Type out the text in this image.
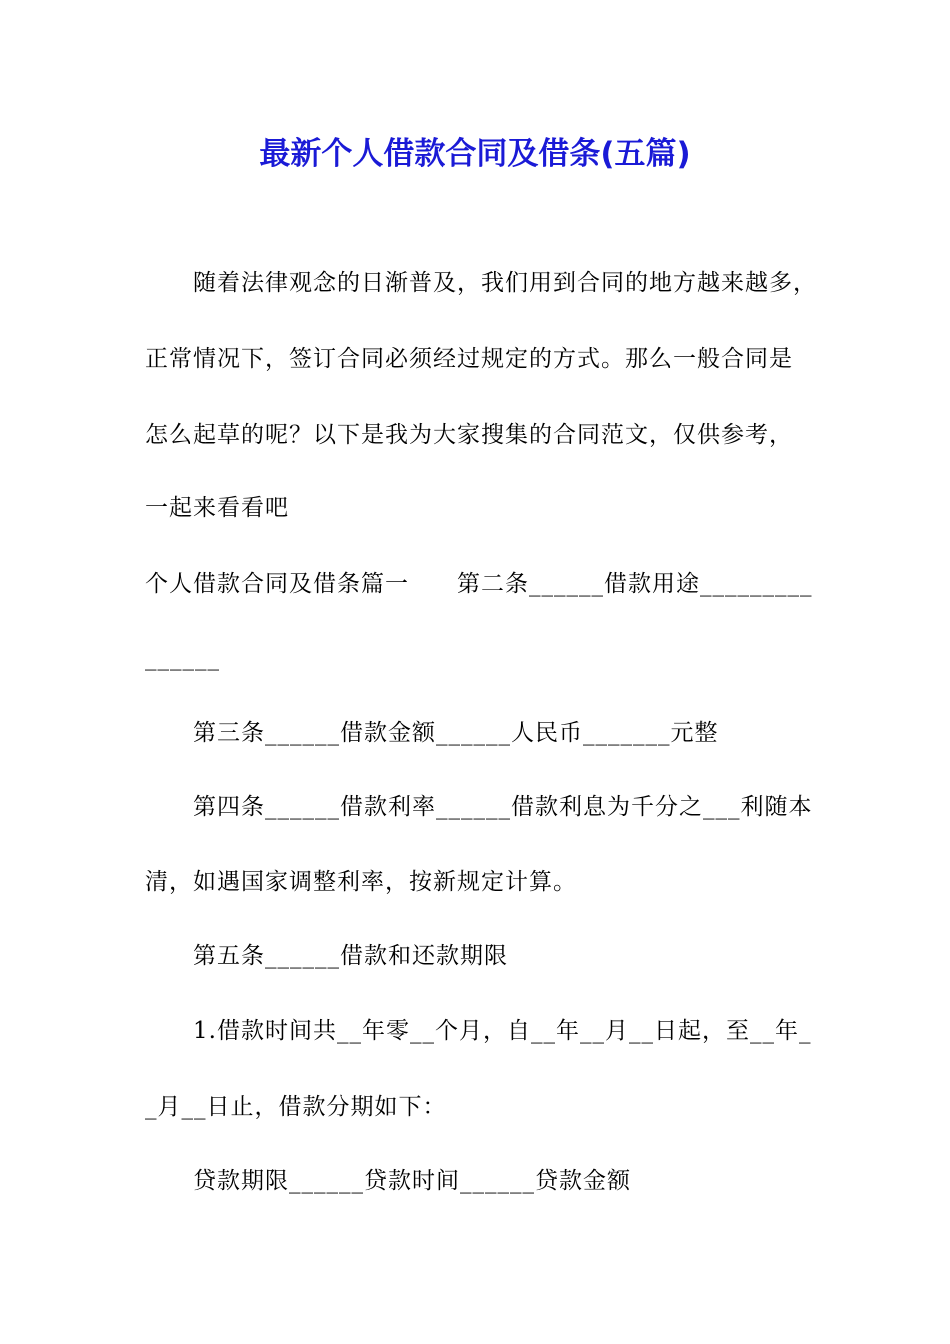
最新个人借款合同及借条(五篇)
随着法律观念的日渐普及，我们用到合同的地方越来越多，
正常情况下，签订合同必须经过规定的方式。那么一般合同是
怎么起草的呢？以下是我为大家搜集的合同范文，仅供参考，
一起来看看吧
个人借款合同及借条篇一　　第二条______借款用途_________
______
第三条______借款金额______人民币_______元整
第四条______借款利率______借款利息为千分之___利随本
清，如遇国家调整利率，按新规定计算。
第五条______借款和还款期限
1.借款时间共__年零__个月，自__年__月__日起，至__年_
_月__日止，借款分期如下：
贷款期限______贷款时间______贷款金额
